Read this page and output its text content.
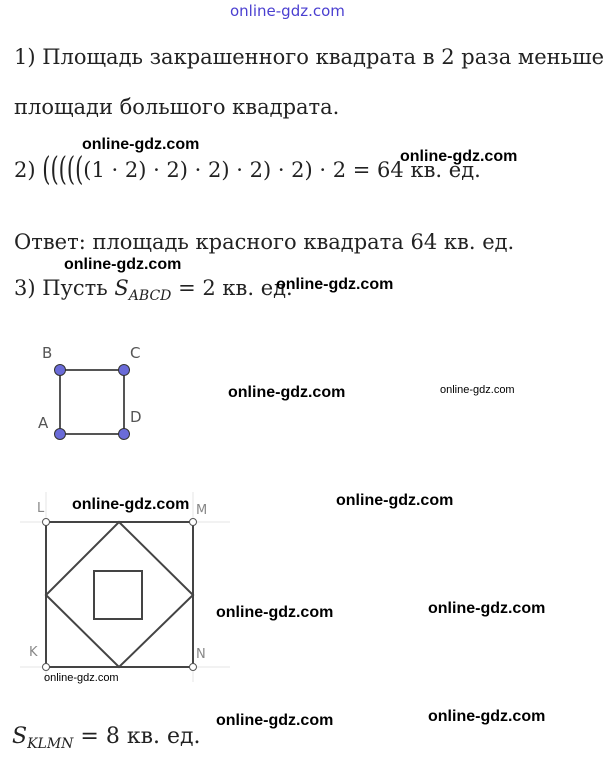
online-gdz.com
1) Площадь закрашенного квадрата в 2 раза меньше
площади большого квадрата.
2) ((((((1 · 2) · 2) · 2) · 2) · 2) · 2 = 64 кв. ед.
Ответ: площадь красного квадрата 64 кв. ед.
3) Пусть $S_{ABCD} = 2$ кв. ед.
B	C
A	D
L	M
K	N
$S_{KLMN} = 8$ кв. ед.
online-gdz.com
online-gdz.com
online-gdz.com
online-gdz.com
online-gdz.com	online-gdz.com
online-gdz.com	online-gdz.com
online-gdz.com	online-gdz.com
online-gdz.com
online-gdz.com	online-gdz.com
